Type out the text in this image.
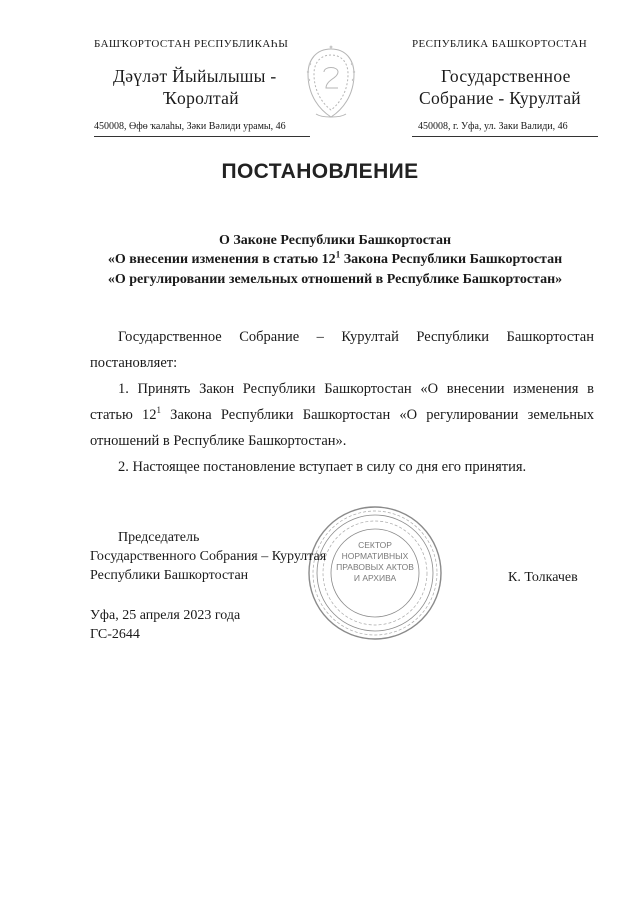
БАШҠОРТОСТАН РЕСПУБЛИКАҺЫ
Дәүләт Йыйылышы -
Ҡоролтай
450008, Өфө ҡалаһы, Зәки Вәлиди урамы, 46
РЕСПУБЛИКА БАШКОРТОСТАН
Государственное
Собрание - Курултай
450008, г. Уфа, ул. Заки Валиди, 46
ПОСТАНОВЛЕНИЕ
О Законе Республики Башкортостан
«О внесении изменения в статью $12^1$ Закона Республики Башкортостан
«О регулировании земельных отношений в Республике Башкортостан»
Государственное Собрание – Курултай Республики Башкортостан
постановляет:
1. Принять Закон Республики Башкортостан «О внесении изменения в
статью $12^1$ Закона Республики Башкортостан «О регулировании земельных
отношений в Республике Башкортостан».
2. Настоящее постановление вступает в силу со дня его принятия.
СЕКТОР НОРМАТИВНЫХ ПРАВОВЫХ АКТОВ И АРХИВА
Председатель
Государственного Собрания – Курултая
Республики Башкортостан	К. Толкачев
Уфа, 25 апреля 2023 года
ГС-2644
